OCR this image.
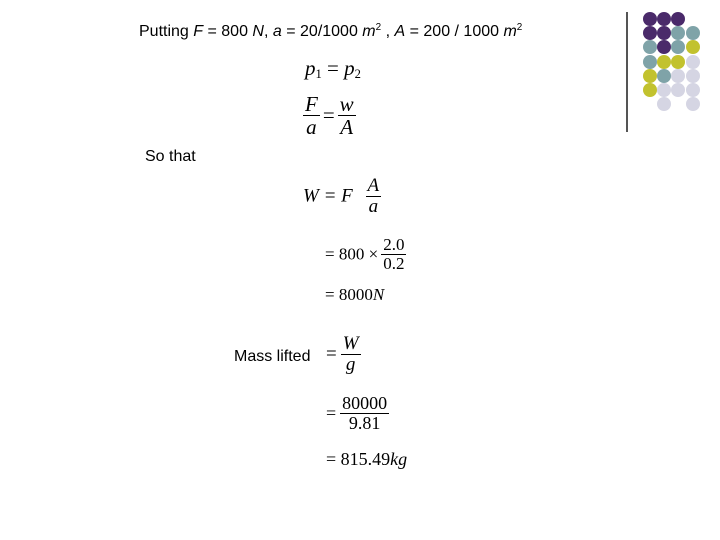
Putting F = 800 N, a = 20/1000 $m^2$ , A = 200 / 1000 $m^2$
$p_1 = p_2$
$\frac{F}{a} = \frac{w}{A}$
So that
W = F $\frac{A}{a}$
= $800 \times \frac{2.0}{0.2}$
= 8000N
Mass lifted = $\frac{W}{g}$
= $\frac{80000}{9.81}$
= 815.49kg
